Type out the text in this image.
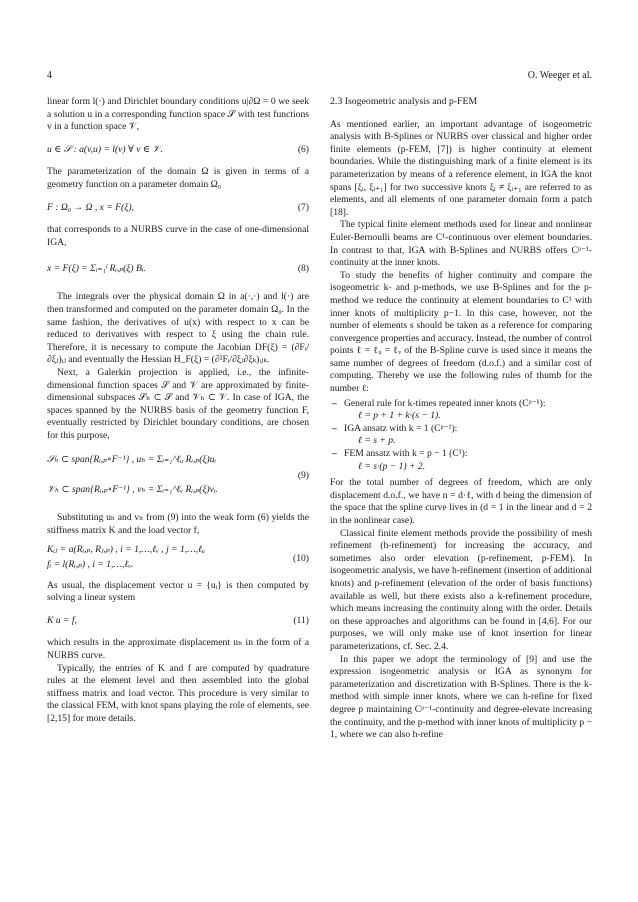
4	O. Weeger et al.

linear form l(·) and Dirichlet boundary conditions u|∂Ω = 0 we seek a solution u in a corresponding function space 𝒮 with test functions v in a function space 𝒱,

u ∈ 𝒮 : a(v,u) = l(v) ∀ v ∈ 𝒱.	(6)

The parameterization of the domain Ω is given in terms of a geometry function on a parameter domain Ω₀

F : Ω₀ → Ω , x = F(ξ),	(7)

that corresponds to a NURBS curve in the case of one-dimensional IGA,

x = F(ξ) = Σᵢ₌₁ˡ Rᵢ,ₚ(ξ) Bᵢ.	(8)

The integrals over the physical domain Ω in a(·,·) and l(·) are then transformed and computed on the parameter domain Ω₀. In the same fashion, the derivatives of u(x) with respect to x can be reduced to derivatives with respect to ξ using the chain rule. Therefore, it is necessary to compute the Jacobian DF(ξ) = (∂Fᵢ/∂ξⱼ)ᵢⱼ and eventually the Hessian H_F(ξ) = (∂²Fᵢ/∂ξⱼ∂ξₖ)ᵢⱼₖ.

Next, a Galerkin projection is applied, i.e., the infinite-dimensional function spaces 𝒮 and 𝒱 are approximated by finite-dimensional subspaces 𝒮ₕ ⊂ 𝒮 and 𝒱ₕ ⊂ 𝒱. In case of IGA, the spaces spanned by the NURBS basis of the geometry function F, eventually restricted by Dirichlet boundary conditions, are chosen for this purpose,

𝒮ₕ ⊂ span{Rᵢ,ₚ∘F⁻¹} , uₕ = Σᵢ₌₁^ℓᵤ Rᵢ,ₚ(ξ)uᵢ
𝒱ₕ ⊂ span{Rᵢ,ₚ∘F⁻¹} , vₕ = Σᵢ₌₁^ℓᵥ Rᵢ,ₚ(ξ)vᵢ.
(9)

Substituting uₕ and vₕ from (9) into the weak form (6) yields the stiffness matrix K and the load vector f,

Kᵢⱼ = a(Rᵢ,ₚ, Rⱼ,ₚ) , i = 1,…,ℓᵥ , j = 1,…,ℓᵤ
fᵢ = l(Rᵢ,ₚ) , i = 1,…,ℓᵥ.
(10)

As usual, the displacement vector u = {uᵢ} is then computed by solving a linear system

K u = f,	(11)

which results in the approximate displacement uₕ in the form of a NURBS curve.

Typically, the entries of K and f are computed by quadrature rules at the element level and then assembled into the global stiffness matrix and load vector. This procedure is very similar to the classical FEM, with knot spans playing the role of elements, see [2,15] for more details.

2.3 Isogeometric analysis and p-FEM

As mentioned earlier, an important advantage of isogeometric analysis with B-Splines or NURBS over classical and higher order finite elements (p-FEM, [7]) is higher continuity at element boundaries. While the distinguishing mark of a finite element is its parameterization by means of a reference element, in IGA the knot spans [ξᵢ, ξᵢ₊₁] for two successive knots ξᵢ ≠ ξᵢ₊₁ are referred to as elements, and all elements of one parameter domain form a patch [18].

The typical finite element methods used for linear and nonlinear Euler-Bernoulli beams are C¹-continuous over element boundaries. In contrast to that, IGA with B-Splines and NURBS offers Cᵖ⁻¹-continuity at the inner knots.

To study the benefits of higher continuity and compare the isogeometric k- and p-methods, we use B-Splines and for the p-method we reduce the continuity at element boundaries to C¹ with inner knots of multiplicity p−1. In this case, however, not the number of elements s should be taken as a reference for comparing convergence properties and accuracy. Instead, the number of control points ℓ = ℓᵤ = ℓᵥ of the B-Spline curve is used since it means the same number of degrees of freedom (d.o.f.) and a similar cost of computing. Thereby we use the following rules of thumb for the number ℓ:

– General rule for k-times repeated inner knots (Cᵖ⁻ᵏ):
ℓ = p + 1 + k·(s − 1).
– IGA ansatz with k = 1 (Cᵖ⁻¹):
ℓ = s + p.
– FEM ansatz with k = p − 1 (C¹):
ℓ = s·(p − 1) + 2.

For the total number of degrees of freedom, which are only displacement d.o.f., we have n = d·ℓ, with d being the dimension of the space that the spline curve lives in (d = 1 in the linear and d = 2 in the nonlinear case).

Classical finite element methods provide the possibility of mesh refinement (h-refinement) for increasing the accuracy, and sometimes also order elevation (p-refinement, p-FEM). In isogeometric analysis, we have h-refinement (insertion of additional knots) and p-refinement (elevation of the order of basis functions) available as well, but there exists also a k-refinement procedure, which means increasing the continuity along with the order. Details on these approaches and algorithms can be found in [4,6]. For our purposes, we will only make use of knot insertion for linear parameterizations, cf. Sec. 2.4.

In this paper we adopt the terminology of [9] and use the expression isogeometric analysis or IGA as synonym for parameterization and discretization with B-Splines. There is the k-method with simple inner knots, where we can h-refine for fixed degree p maintaining Cᵖ⁻¹-continuity and degree-elevate increasing the continuity, and the p-method with inner knots of multiplicity p − 1, where we can also h-refine
